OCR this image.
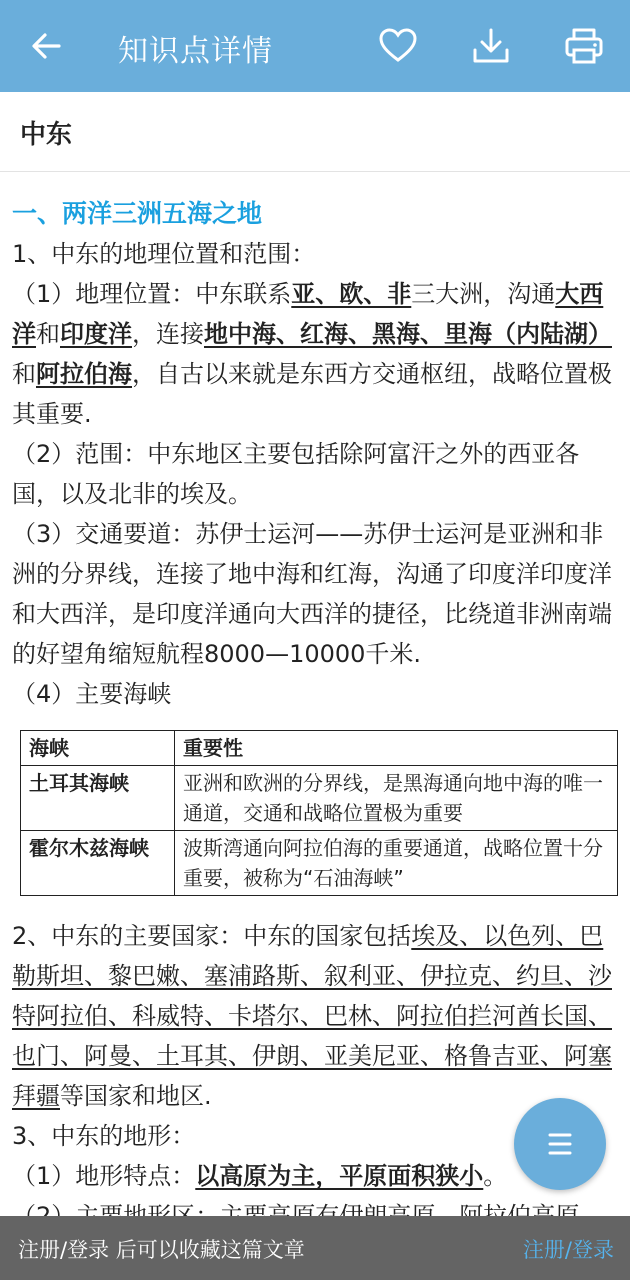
知识点详情
中东

一、两洋三洲五海之地

1、中东的地理位置和范围：

（1）地理位置：中东联系亚、欧、非三大洲，沟通大西洋和印度洋，连接地中海、红海、黑海、里海（内陆湖）和阿拉伯海，自古以来就是东西方交通枢纽，战略位置极其重要.

（2）范围：中东地区主要包括除阿富汗之外的西亚各国，以及北非的埃及。

（3）交通要道：苏伊士运河——苏伊士运河是亚洲和非洲的分界线，连接了地中海和红海，沟通了印度洋印度洋和大西洋，是印度洋通向大西洋的捷径，比绕道非洲南端的好望角缩短航程8000—10000千米.

（4）主要海峡

海峡	重要性
土耳其海峡	亚洲和欧洲的分界线，是黑海通向地中海的唯一通道，交通和战略位置极为重要
霍尔木兹海峡	波斯湾通向阿拉伯海的重要通道，战略位置十分重要，被称为“石油海峡”

2、中东的主要国家：中东的国家包括埃及、以色列、巴勒斯坦、黎巴嫩、塞浦路斯、叙利亚、伊拉克、约旦、沙特阿拉伯、科威特、卡塔尔、巴林、阿拉伯拦河酋长国、也门、阿曼、土耳其、伊朗、亚美尼亚、格鲁吉亚、阿塞拜疆等国家和地区.

3、中东的地形：

（1）地形特点：以高原为主，平原面积狭小。

注册/登录 后可以收藏这篇文章	注册/登录
